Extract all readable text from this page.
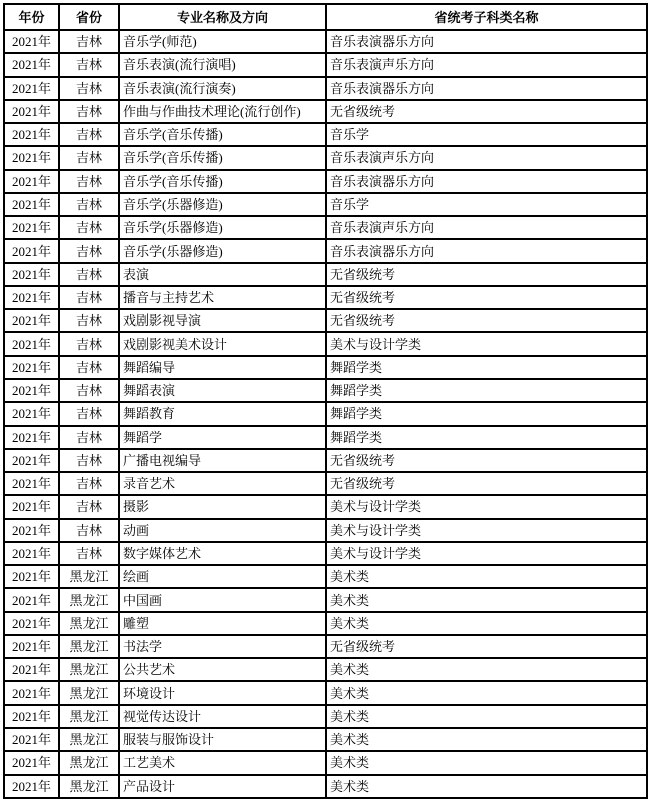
年份	省份	专业名称及方向	省统考子科类名称
2021年	吉林	音乐学(师范)	音乐表演器乐方向
2021年	吉林	音乐表演(流行演唱)	音乐表演声乐方向
2021年	吉林	音乐表演(流行演奏)	音乐表演器乐方向
2021年	吉林	作曲与作曲技术理论(流行创作)	无省级统考
2021年	吉林	音乐学(音乐传播)	音乐学
2021年	吉林	音乐学(音乐传播)	音乐表演声乐方向
2021年	吉林	音乐学(音乐传播)	音乐表演器乐方向
2021年	吉林	音乐学(乐器修造)	音乐学
2021年	吉林	音乐学(乐器修造)	音乐表演声乐方向
2021年	吉林	音乐学(乐器修造)	音乐表演器乐方向
2021年	吉林	表演	无省级统考
2021年	吉林	播音与主持艺术	无省级统考
2021年	吉林	戏剧影视导演	无省级统考
2021年	吉林	戏剧影视美术设计	美术与设计学类
2021年	吉林	舞蹈编导	舞蹈学类
2021年	吉林	舞蹈表演	舞蹈学类
2021年	吉林	舞蹈教育	舞蹈学类
2021年	吉林	舞蹈学	舞蹈学类
2021年	吉林	广播电视编导	无省级统考
2021年	吉林	录音艺术	无省级统考
2021年	吉林	摄影	美术与设计学类
2021年	吉林	动画	美术与设计学类
2021年	吉林	数字媒体艺术	美术与设计学类
2021年	黑龙江	绘画	美术类
2021年	黑龙江	中国画	美术类
2021年	黑龙江	雕塑	美术类
2021年	黑龙江	书法学	无省级统考
2021年	黑龙江	公共艺术	美术类
2021年	黑龙江	环境设计	美术类
2021年	黑龙江	视觉传达设计	美术类
2021年	黑龙江	服装与服饰设计	美术类
2021年	黑龙江	工艺美术	美术类
2021年	黑龙江	产品设计	美术类
